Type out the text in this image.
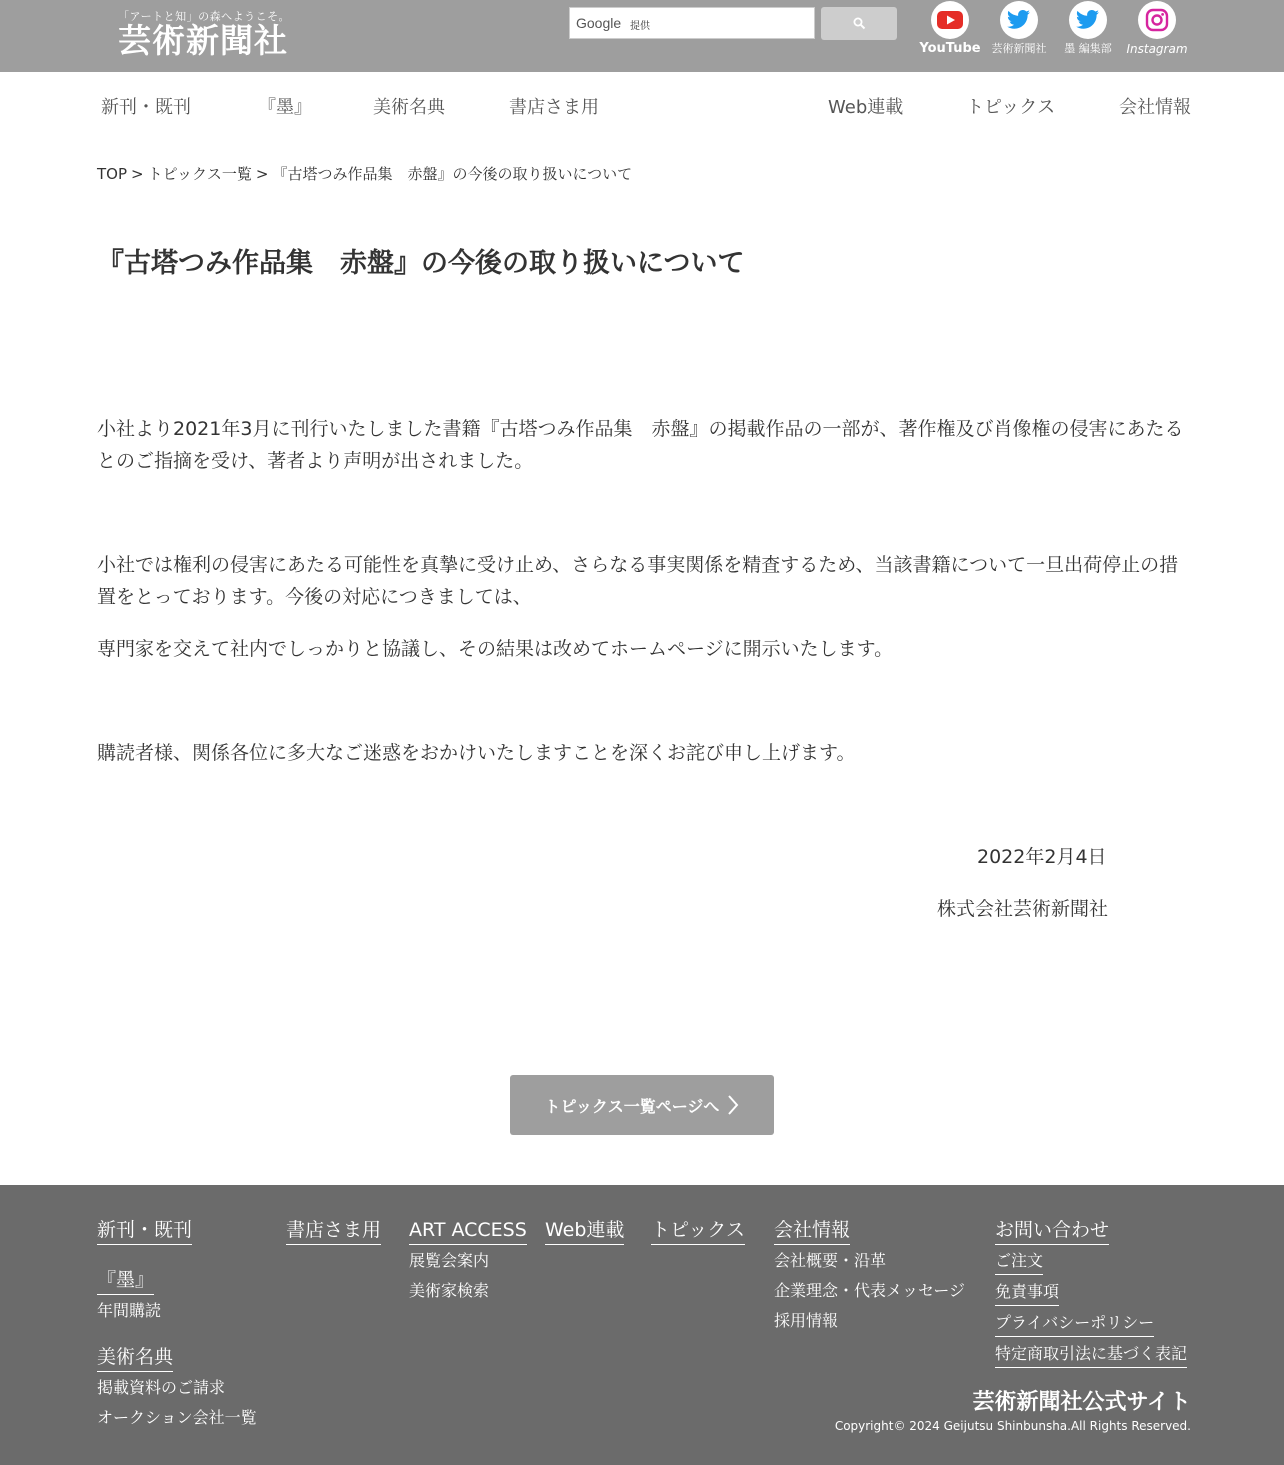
「アートと知」の森へようこそ。
芸術新聞社	Google 提供
YouTube 芸術新聞社	墨 編集部	Instagram
新刊・既刊	『墨』	美術名典	書店さま用	Web連載	トピックス	会社情報
TOP > トピックス一覧 > 『古塔つみ作品集　赤盤』の今後の取り扱いについて
『古塔つみ作品集　赤盤』の今後の取り扱いについて

小社より2021年3月に刊行いたしました書籍『古塔つみ作品集　赤盤』の掲載作品の一部が、著作権及び肖像権の侵害にあたるとのご指摘を受け、著者より声明が出されました。

小社では権利の侵害にあたる可能性を真摯に受け止め、さらなる事実関係を精査するため、当該書籍について一旦出荷停止の措置をとっております。今後の対応につきましては、

専門家を交えて社内でしっかりと協議し、その結果は改めてホームページに開示いたします。

購読者様、関係各位に多大なご迷惑をおかけいたしますことを深くお詫び申し上げます。

2022年2月4日
株式会社芸術新聞社
トピックス一覧ページへ
新刊・既刊
『墨』
年間購読
美術名典
掲載資料のご請求
オークション会社一覧
書店さま用 ART ACCESS
展覧会案内
美術家検索
Web連載 トピックス 会社情報
会社概要・沿革
企業理念・代表メッセージ
採用情報
お問い合わせ
ご注文
免責事項
プライバシーポリシー
特定商取引法に基づく表記
芸術新聞社公式サイト
Copyright© 2024 Geijutsu Shinbunsha.All Rights Reserved.
